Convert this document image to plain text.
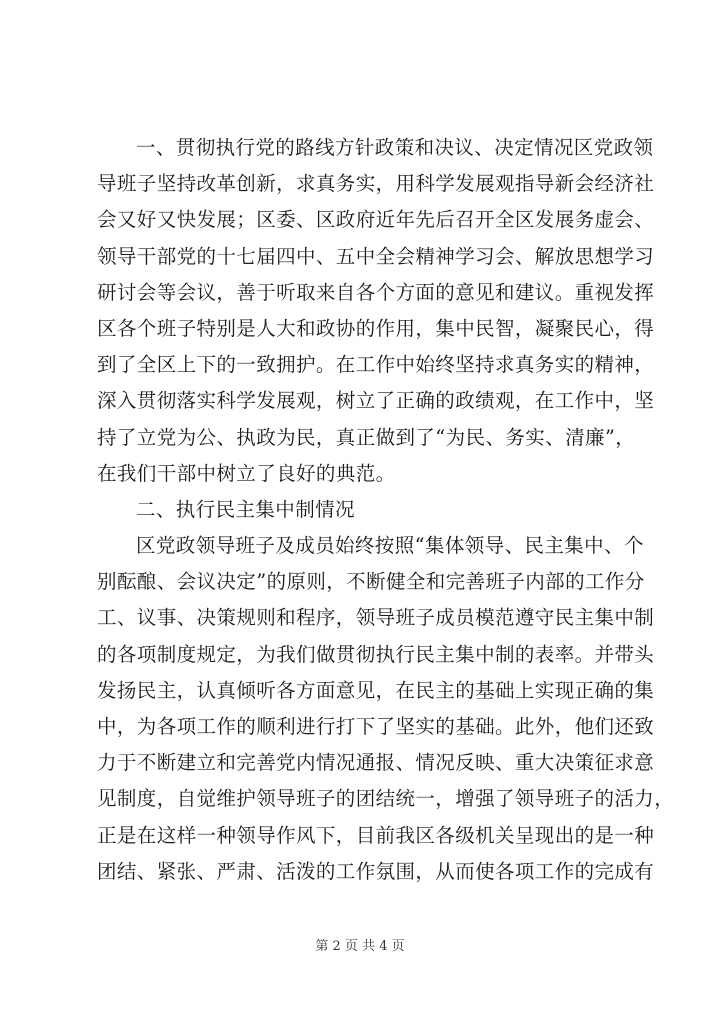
一、贯彻执行党的路线方针政策和决议、决定情况区党政领
导班子坚持改革创新，求真务实，用科学发展观指导新会经济社
会又好又快发展；区委、区政府近年先后召开全区发展务虚会、
领导干部党的十七届四中、五中全会精神学习会、解放思想学习
研讨会等会议，善于听取来自各个方面的意见和建议。重视发挥
区各个班子特别是人大和政协的作用，集中民智，凝聚民心，得
到了全区上下的一致拥护。在工作中始终坚持求真务实的精神，
深入贯彻落实科学发展观，树立了正确的政绩观，在工作中，坚
持了立党为公、执政为民，真正做到了“为民、务实、清廉”，
在我们干部中树立了良好的典范。
二、执行民主集中制情况
区党政领导班子及成员始终按照“集体领导、民主集中、个
别酝酿、会议决定”的原则，不断健全和完善班子内部的工作分
工、议事、决策规则和程序，领导班子成员模范遵守民主集中制
的各项制度规定，为我们做贯彻执行民主集中制的表率。并带头
发扬民主，认真倾听各方面意见，在民主的基础上实现正确的集
中，为各项工作的顺利进行打下了坚实的基础。此外，他们还致
力于不断建立和完善党内情况通报、情况反映、重大决策征求意
见制度，自觉维护领导班子的团结统一，增强了领导班子的活力，
正是在这样一种领导作风下，目前我区各级机关呈现出的是一种
团结、紧张、严肃、活泼的工作氛围，从而使各项工作的完成有
第 2 页 共 4 页
